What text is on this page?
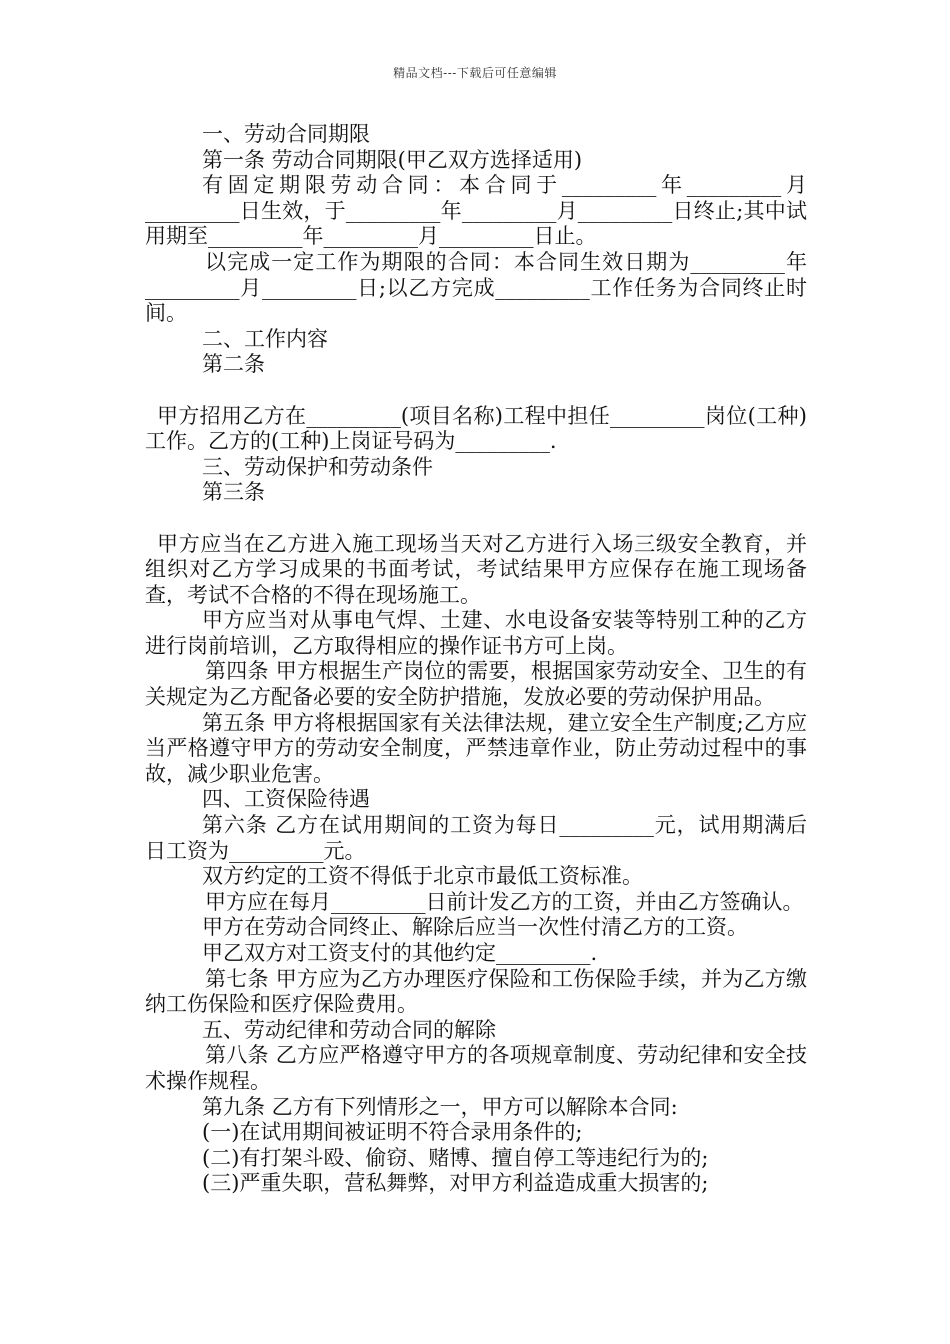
精品文档---下载后可任意编辑

一、劳动合同期限

第一条 劳动合同期限(甲乙双方选择适用)

有固定期限劳动合同：本合同于_________年_________月_________日生效，于_________年_________月_________日终止;其中试用期至_________年_________月_________日止。

以完成一定工作为期限的合同：本合同生效日期为_________年_________月_________日;以乙方完成_________工作任务为合同终止时间。

二、工作内容

第二条

甲方招用乙方在_________(项目名称)工程中担任_________岗位(工种)工作。乙方的(工种)上岗证号码为_________.

三、劳动保护和劳动条件

第三条

甲方应当在乙方进入施工现场当天对乙方进行入场三级安全教育，并组织对乙方学习成果的书面考试，考试结果甲方应保存在施工现场备查，考试不合格的不得在现场施工。

甲方应当对从事电气焊、土建、水电设备安装等特别工种的乙方进行岗前培训，乙方取得相应的操作证书方可上岗。

第四条 甲方根据生产岗位的需要，根据国家劳动安全、卫生的有关规定为乙方配备必要的安全防护措施，发放必要的劳动保护用品。

第五条 甲方将根据国家有关法律法规，建立安全生产制度;乙方应当严格遵守甲方的劳动安全制度，严禁违章作业，防止劳动过程中的事故，减少职业危害。

四、工资保险待遇

第六条 乙方在试用期间的工资为每日_________元，试用期满后日工资为_________元。

双方约定的工资不得低于北京市最低工资标准。

甲方应在每月_________日前计发乙方的工资，并由乙方签确认。

甲方在劳动合同终止、解除后应当一次性付清乙方的工资。

甲乙双方对工资支付的其他约定_________.

第七条 甲方应为乙方办理医疗保险和工伤保险手续，并为乙方缴纳工伤保险和医疗保险费用。

五、劳动纪律和劳动合同的解除

第八条 乙方应严格遵守甲方的各项规章制度、劳动纪律和安全技术操作规程。

第九条 乙方有下列情形之一，甲方可以解除本合同:

(一)在试用期间被证明不符合录用条件的;

(二)有打架斗殴、偷窃、赌博、擅自停工等违纪行为的;

(三)严重失职，营私舞弊，对甲方利益造成重大损害的;
